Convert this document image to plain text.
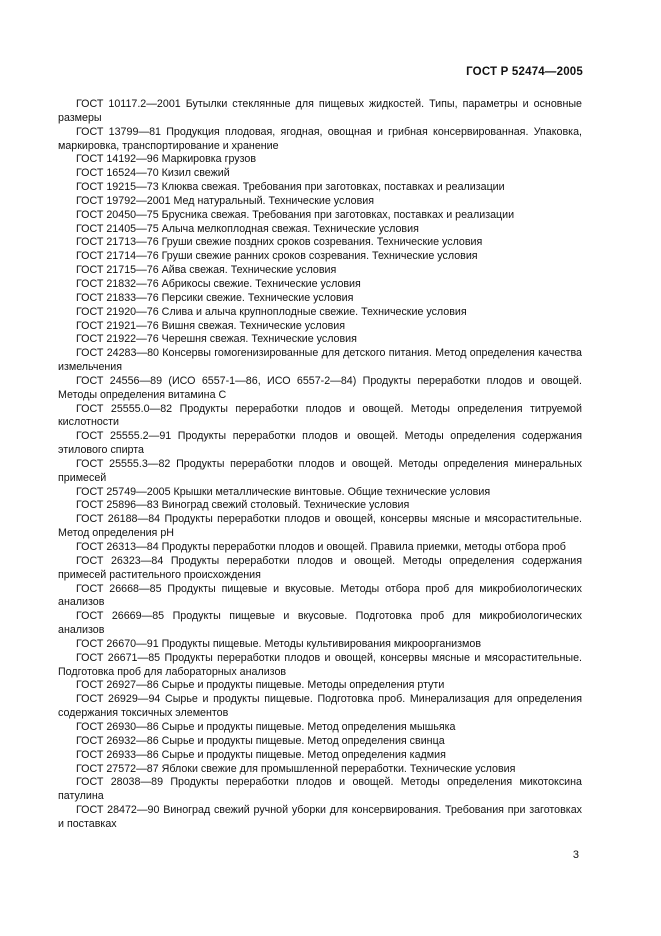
ГОСТ Р 52474—2005
ГОСТ 10117.2—2001 Бутылки стеклянные для пищевых жидкостей. Типы, параметры и основные размеры
ГОСТ 13799—81 Продукция плодовая, ягодная, овощная и грибная консервированная. Упаковка, маркировка, транспортирование и хранение
ГОСТ 14192—96 Маркировка грузов
ГОСТ 16524—70 Кизил свежий
ГОСТ 19215—73 Клюква свежая. Требования при заготовках, поставках и реализации
ГОСТ 19792—2001 Мед натуральный. Технические условия
ГОСТ 20450—75 Брусника свежая. Требования при заготовках, поставках и реализации
ГОСТ 21405—75 Алыча мелкоплодная свежая. Технические условия
ГОСТ 21713—76 Груши свежие поздних сроков созревания. Технические условия
ГОСТ 21714—76 Груши свежие ранних сроков созревания. Технические условия
ГОСТ 21715—76 Айва свежая. Технические условия
ГОСТ 21832—76 Абрикосы свежие. Технические условия
ГОСТ 21833—76 Персики свежие. Технические условия
ГОСТ 21920—76 Слива и алыча крупноплодные свежие. Технические условия
ГОСТ 21921—76 Вишня свежая. Технические условия
ГОСТ 21922—76 Черешня свежая. Технические условия
ГОСТ 24283—80 Консервы гомогенизированные для детского питания. Метод определения качества измельчения
ГОСТ 24556—89 (ИСО 6557-1—86, ИСО 6557-2—84) Продукты переработки плодов и овощей. Методы определения витамина С
ГОСТ 25555.0—82 Продукты переработки плодов и овощей. Методы определения титруемой кислотности
ГОСТ 25555.2—91 Продукты переработки плодов и овощей. Методы определения содержания этилового спирта
ГОСТ 25555.3—82 Продукты переработки плодов и овощей. Методы определения минеральных примесей
ГОСТ 25749—2005 Крышки металлические винтовые. Общие технические условия
ГОСТ 25896—83 Виноград свежий столовый. Технические условия
ГОСТ 26188—84 Продукты переработки плодов и овощей, консервы мясные и мясорастительные. Метод определения рН
ГОСТ 26313—84 Продукты переработки плодов и овощей. Правила приемки, методы отбора проб
ГОСТ 26323—84 Продукты переработки плодов и овощей. Методы определения содержания примесей растительного происхождения
ГОСТ 26668—85 Продукты пищевые и вкусовые. Методы отбора проб для микробиологических анализов
ГОСТ 26669—85 Продукты пищевые и вкусовые. Подготовка проб для микробиологических анализов
ГОСТ 26670—91 Продукты пищевые. Методы культивирования микроорганизмов
ГОСТ 26671—85 Продукты переработки плодов и овощей, консервы мясные и мясорастительные. Подготовка проб для лабораторных анализов
ГОСТ 26927—86 Сырье и продукты пищевые. Методы определения ртути
ГОСТ 26929—94 Сырье и продукты пищевые. Подготовка проб. Минерализация для определения содержания токсичных элементов
ГОСТ 26930—86 Сырье и продукты пищевые. Метод определения мышьяка
ГОСТ 26932—86 Сырье и продукты пищевые. Метод определения свинца
ГОСТ 26933—86 Сырье и продукты пищевые. Метод определения кадмия
ГОСТ 27572—87 Яблоки свежие для промышленной переработки. Технические условия
ГОСТ 28038—89 Продукты переработки плодов и овощей. Методы определения микотоксина патулина
ГОСТ 28472—90 Виноград свежий ручной уборки для консервирования. Требования при заготовках и поставках
3
